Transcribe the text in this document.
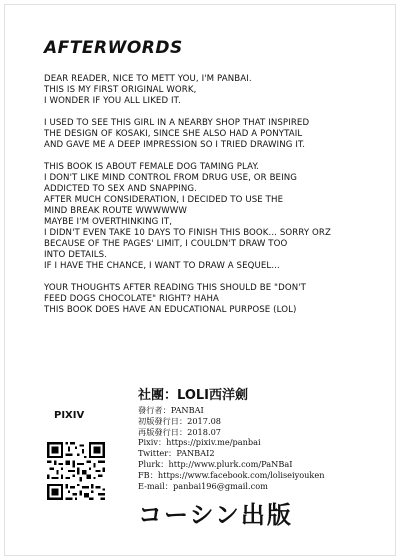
AFTERWORDS
DEAR READER, NICE TO METT YOU, I'M PANBAI.
THIS IS MY FIRST ORIGINAL WORK,
I WONDER IF YOU ALL LIKED IT.
I USED TO SEE THIS GIRL IN A NEARBY SHOP THAT INSPIRED
THE DESIGN OF KOSAKI, SINCE SHE ALSO HAD A PONYTAIL
AND GAVE ME A DEEP IMPRESSION SO I TRIED DRAWING IT.
THIS BOOK IS ABOUT FEMALE DOG TAMING PLAY.
I DON'T LIKE MIND CONTROL FROM DRUG USE, OR BEING
ADDICTED TO SEX AND SNAPPING.
AFTER MUCH CONSIDERATION, I DECIDED TO USE THE
MIND BREAK ROUTE WWWWWW
MAYBE I'M OVERTHINKING IT,
I DIDN'T EVEN TAKE 10 DAYS TO FINISH THIS BOOK... SORRY ORZ
BECAUSE OF THE PAGES' LIMIT, I COULDN'T DRAW TOO
INTO DETAILS.
IF I HAVE THE CHANCE, I WANT TO DRAW A SEQUEL...
YOUR THOUGHTS AFTER READING THIS SHOULD BE "DON'T
FEED DOGS CHOCOLATE" RIGHT? HAHA
THIS BOOK DOES HAVE AN EDUCATIONAL PURPOSE (LOL)
社團：LOLI西洋劍
發行者：PANBAI
初版發行日：2017.08
再版發行日：2018.07
Pixiv：https://pixiv.me/panbai
Twitter：PANBAI2
Plurk：http://www.plurk.com/PaNBaI
FB：https://www.facebook.com/loliseiyouken
E-mail：panbai196@gmail.com
PIXIV
コーシン出版
